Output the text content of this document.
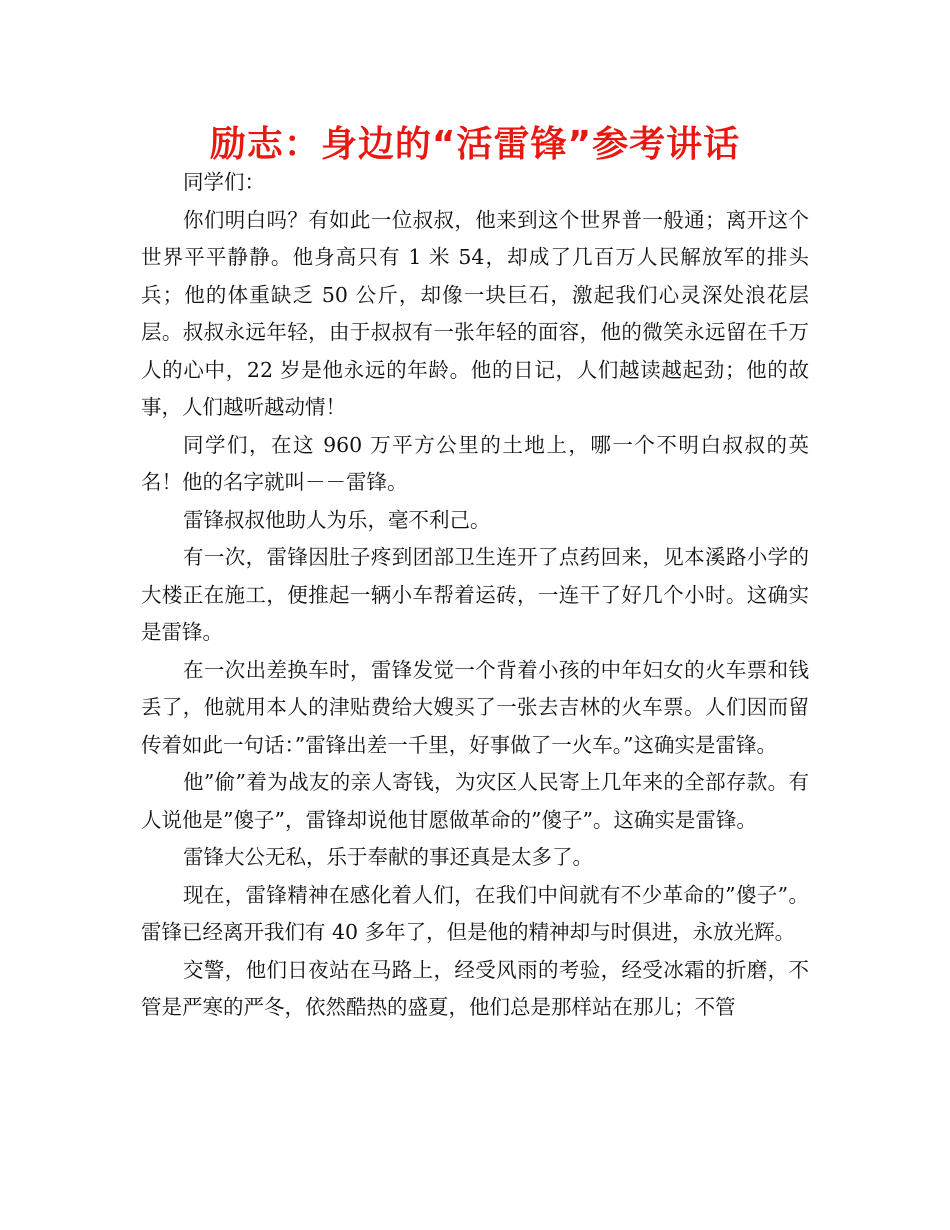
励志：身边的“活雷锋”参考讲话

同学们：

你们明白吗？有如此一位叔叔，他来到这个世界普一般通；离开这个世界平平静静。他身高只有 1 米 54，却成了几百万人民解放军的排头兵；他的体重缺乏 50 公斤，却像一块巨石，激起我们心灵深处浪花层层。叔叔永远年轻，由于叔叔有一张年轻的面容，他的微笑永远留在千万人的心中，22 岁是他永远的年龄。他的日记，人们越读越起劲；他的故事，人们越听越动情！

同学们，在这 960 万平方公里的土地上，哪一个不明白叔叔的英名！他的名字就叫－－雷锋。

雷锋叔叔他助人为乐，毫不利己。

有一次，雷锋因肚子疼到团部卫生连开了点药回来，见本溪路小学的大楼正在施工，便推起一辆小车帮着运砖，一连干了好几个小时。这确实是雷锋。

在一次出差换车时，雷锋发觉一个背着小孩的中年妇女的火车票和钱丢了，他就用本人的津贴费给大嫂买了一张去吉林的火车票。人们因而留传着如此一句话：”雷锋出差一千里，好事做了一火车。”这确实是雷锋。

他”偷”着为战友的亲人寄钱，为灾区人民寄上几年来的全部存款。有人说他是”傻子”，雷锋却说他甘愿做革命的”傻子”。这确实是雷锋。

雷锋大公无私，乐于奉献的事还真是太多了。

现在，雷锋精神在感化着人们，在我们中间就有不少革命的”傻子”。雷锋已经离开我们有 40 多年了，但是他的精神却与时俱进，永放光辉。

交警，他们日夜站在马路上，经受风雨的考验，经受冰霜的折磨，不管是严寒的严冬，依然酷热的盛夏，他们总是那样站在那儿；不管
